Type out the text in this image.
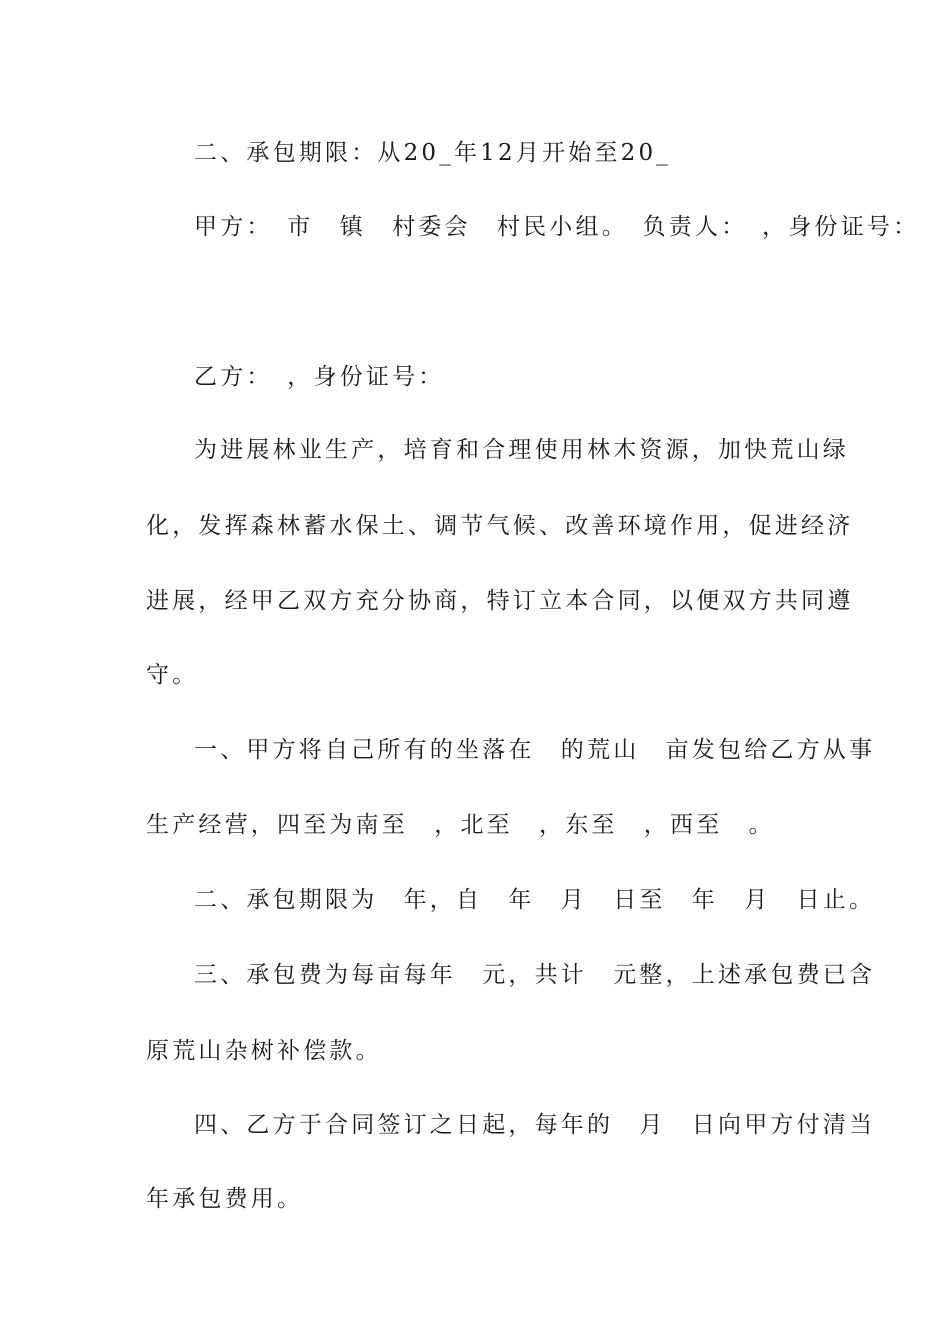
二、承包期限：从20_年12月开始至20_
甲方：　市　镇　村委会　村民小组。　负责人：　，身份证号：
乙方：　，身份证号：
为进展林业生产，培育和合理使用林木资源，加快荒山绿
化，发挥森林蓄水保土、调节气候、改善环境作用，促进经济
进展，经甲乙双方充分协商，特订立本合同，以便双方共同遵
守。
一、甲方将自己所有的坐落在　的荒山　亩发包给乙方从事
生产经营，四至为南至　，北至　，东至　，西至　。
二、承包期限为　年，自　年　月　日至　年　月　日止。
三、承包费为每亩每年　元，共计　元整，上述承包费已含
原荒山杂树补偿款。
四、乙方于合同签订之日起，每年的　月　日向甲方付清当
年承包费用。
